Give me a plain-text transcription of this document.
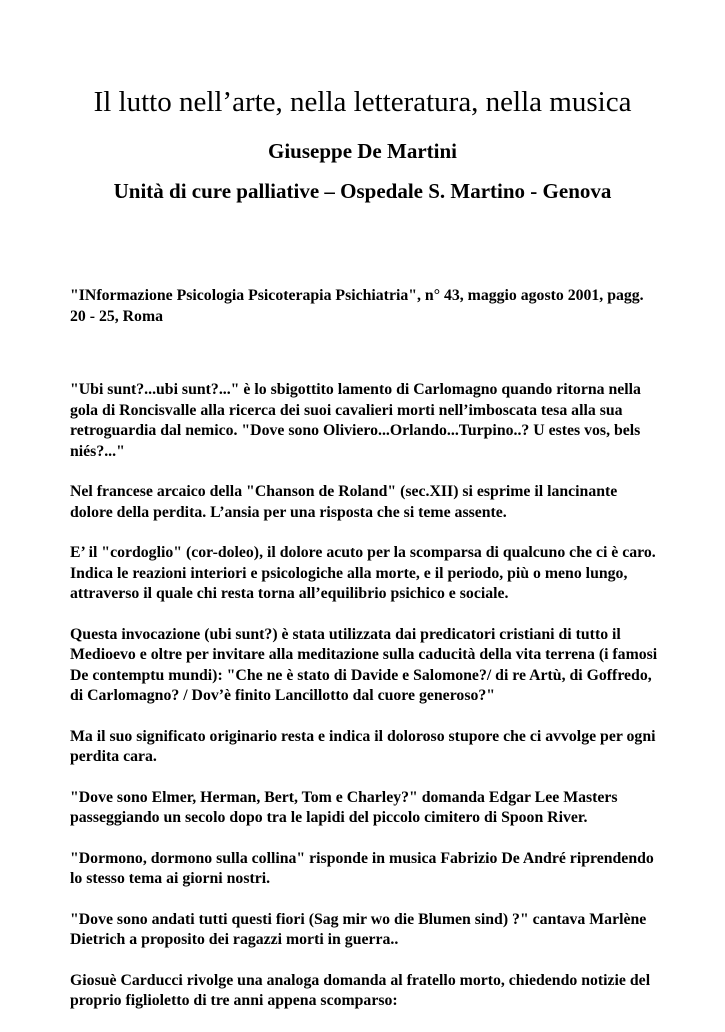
Il lutto nell’arte, nella letteratura, nella musica
Giuseppe De Martini
Unità di cure palliative – Ospedale S. Martino - Genova

"INformazione Psicologia Psicoterapia Psichiatria", n° 43, maggio agosto 2001, pagg. 20 - 25, Roma

"Ubi sunt?...ubi sunt?..." è lo sbigottito lamento di Carlomagno quando ritorna nella gola di Roncisvalle alla ricerca dei suoi cavalieri morti nell’imboscata tesa alla sua retroguardia dal nemico. "Dove sono Oliviero...Orlando...Turpino..? U estes vos, bels niés?..."

Nel francese arcaico della "Chanson de Roland" (sec.XII) si esprime il lancinante dolore della perdita. L’ansia per una risposta che si teme assente.

E’ il "cordoglio" (cor-doleo), il dolore acuto per la scomparsa di qualcuno che ci è caro. Indica le reazioni interiori e psicologiche alla morte, e il periodo, più o meno lungo, attraverso il quale chi resta torna all’equilibrio psichico e sociale.

Questa invocazione (ubi sunt?) è stata utilizzata dai predicatori cristiani di tutto il Medioevo e oltre per invitare alla meditazione sulla caducità della vita terrena (i famosi De contemptu mundi): "Che ne è stato di Davide e Salomone?/ di re Artù, di Goffredo, di Carlomagno? / Dov’è finito Lancillotto dal cuore generoso?"

Ma il suo significato originario resta e indica il doloroso stupore che ci avvolge per ogni perdita cara.

"Dove sono Elmer, Herman, Bert, Tom e Charley?" domanda Edgar Lee Masters passeggiando un secolo dopo tra le lapidi del piccolo cimitero di Spoon River.

"Dormono, dormono sulla collina" risponde in musica Fabrizio De André riprendendo lo stesso tema ai giorni nostri.

"Dove sono andati tutti questi fiori (Sag mir wo die Blumen sind) ?" cantava Marlène Dietrich a proposito dei ragazzi morti in guerra..

Giosuè Carducci rivolge una analoga domanda al fratello morto, chiedendo notizie del proprio figlioletto di tre anni appena scomparso:
